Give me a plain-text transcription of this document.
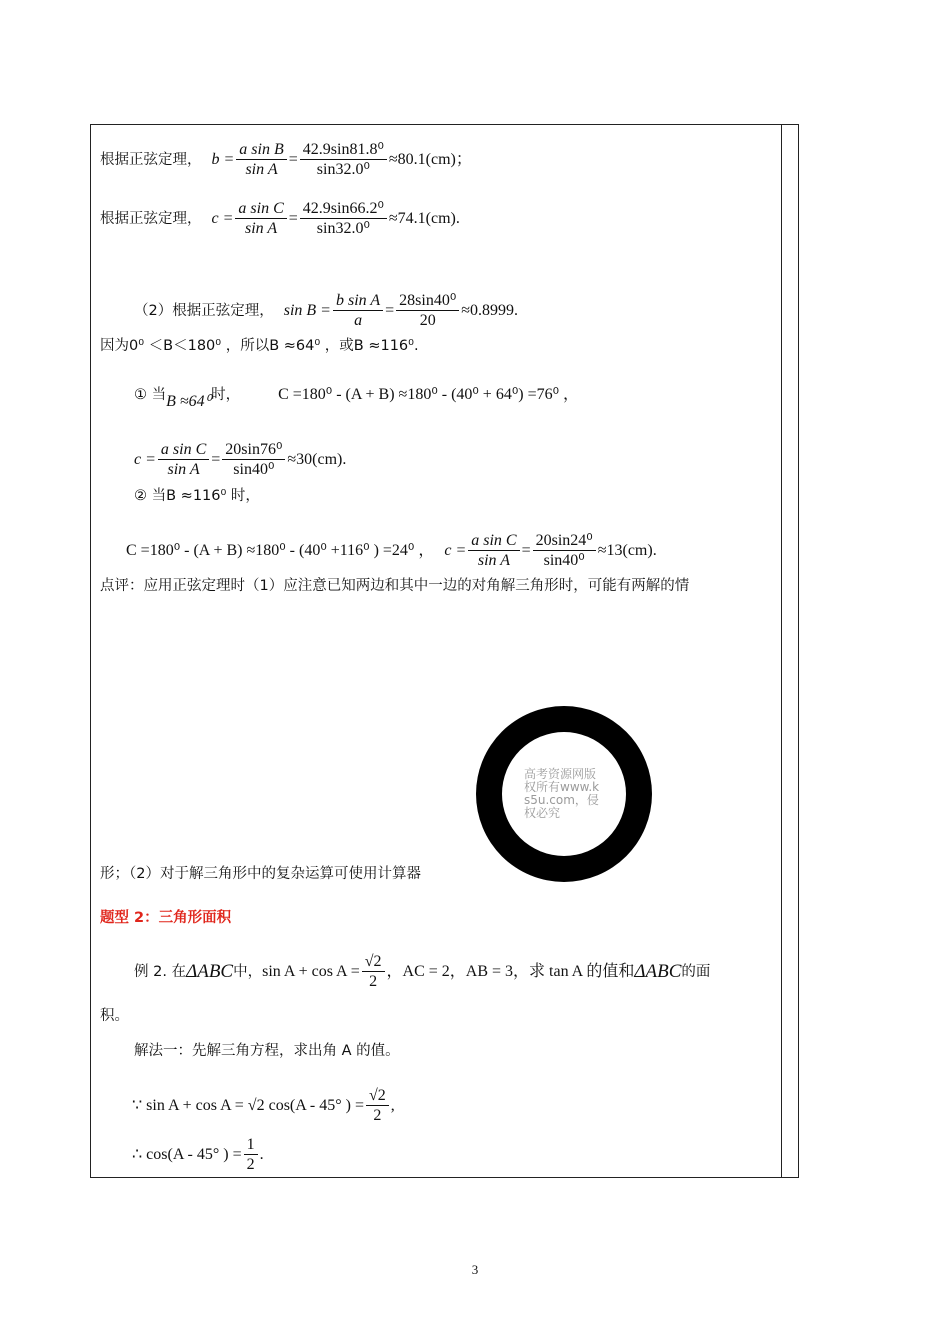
根据正弦定理， $b = \frac{\text{a sin B}}{\text{sin A}} = \frac{\text{42.9sin81.8⁰}}{\text{sin32.0⁰}} \approx 80.1(cm)$；
根据正弦定理， $c = \frac{\text{a sin C}}{\text{sin A}} = \frac{\text{42.9sin66.2⁰}}{\text{sin32.0⁰}} \approx 74.1(cm)$.
（2）根据正弦定理， $\sin B = \frac{\text{b sin A}}{a} = \frac{\text{28sin40⁰}}{20} \approx 0.8999$.
因为0⁰ ＜B＜180⁰ ，所以B ≈64⁰ ，或B ≈116⁰.
① 当 B ≈64⁰ 时， C =180⁰ - (A + B) ≈180⁰ - (40⁰ + 64⁰) =76⁰ ，
$c = \frac{\text{a sin C}}{\text{sin A}} = \frac{\text{20sin76⁰}}{\text{sin40⁰}} \approx 30(cm)$.
② 当B ≈116⁰ 时，
C =180⁰ - (A + B) ≈180⁰ - (40⁰ +116⁰ ) =24⁰ ， $c = \frac{\text{a sin C}}{\text{sin A}} = \frac{\text{20sin24⁰}}{\text{sin40⁰}} \approx 13(cm)$.
点评：应用正弦定理时（1）应注意已知两边和其中一边的对角解三角形时，可能有两解的情
高考资源网版权所有www.ks5u.com，侵权必究
形；（2）对于解三角形中的复杂运算可使用计算器
题型 2：三角形面积
例 2. 在 ΔABC 中， $\sin A + \cos A = \frac{√2}{2}$ ，AC = 2，AB = 3，求 tan A 的值和 ΔABC 的面
积。
解法一：先解三角方程，求出角 A 的值。
∵ sin A + cos A = √2 cos(A - 45° ) = $\frac{√2}{2}$ ,
∴ cos(A - 45° ) = $\frac{1}{2}$ .
3
